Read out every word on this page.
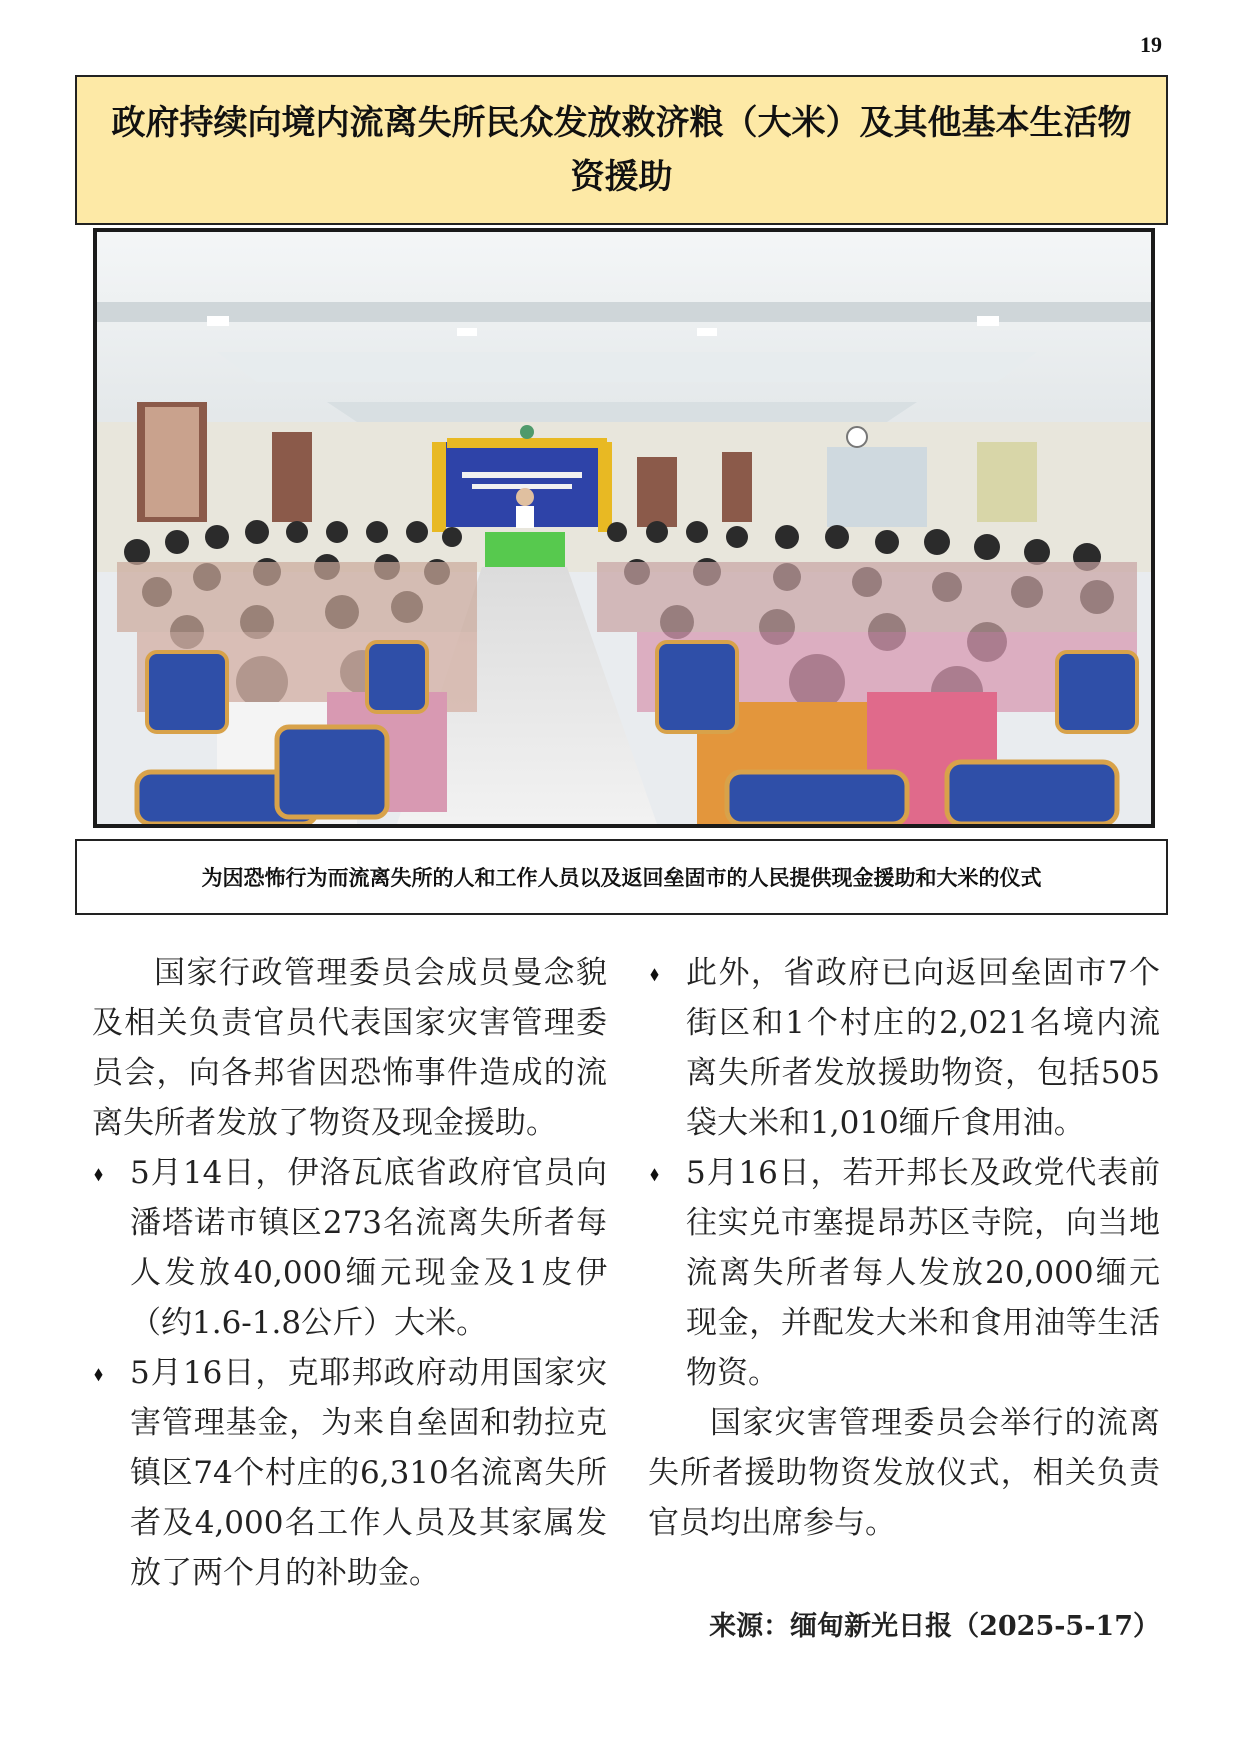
19
政府持续向境内流离失所民众发放救济粮（大米）及其他基本生活物资援助
为因恐怖行为而流离失所的人和工作人员以及返回垒固市的人民提供现金援助和大米的仪式

国家行政管理委员会成员曼念貌及相关负责官员代表国家灾害管理委员会，向各邦省因恐怖事件造成的流离失所者发放了物资及现金援助。

⬧ 5月14日，伊洛瓦底省政府官员向潘塔诺市镇区273名流离失所者每人发放40,000缅元现金及1皮伊（约1.6-1.8公斤）大米。

⬧ 5月16日，克耶邦政府动用国家灾害管理基金，为来自垒固和勃拉克镇区74个村庄的6,310名流离失所者及4,000名工作人员及其家属发放了两个月的补助金。

⬧ 此外，省政府已向返回垒固市7个街区和1个村庄的2,021名境内流离失所者发放援助物资，包括505袋大米和1,010缅斤食用油。

⬧ 5月16日，若开邦长及政党代表前往实兑市塞提昂苏区寺院，向当地流离失所者每人发放20,000缅元现金，并配发大米和食用油等生活物资。

国家灾害管理委员会举行的流离失所者援助物资发放仪式，相关负责官员均出席参与。

来源：缅甸新光日报（2025-5-17）
